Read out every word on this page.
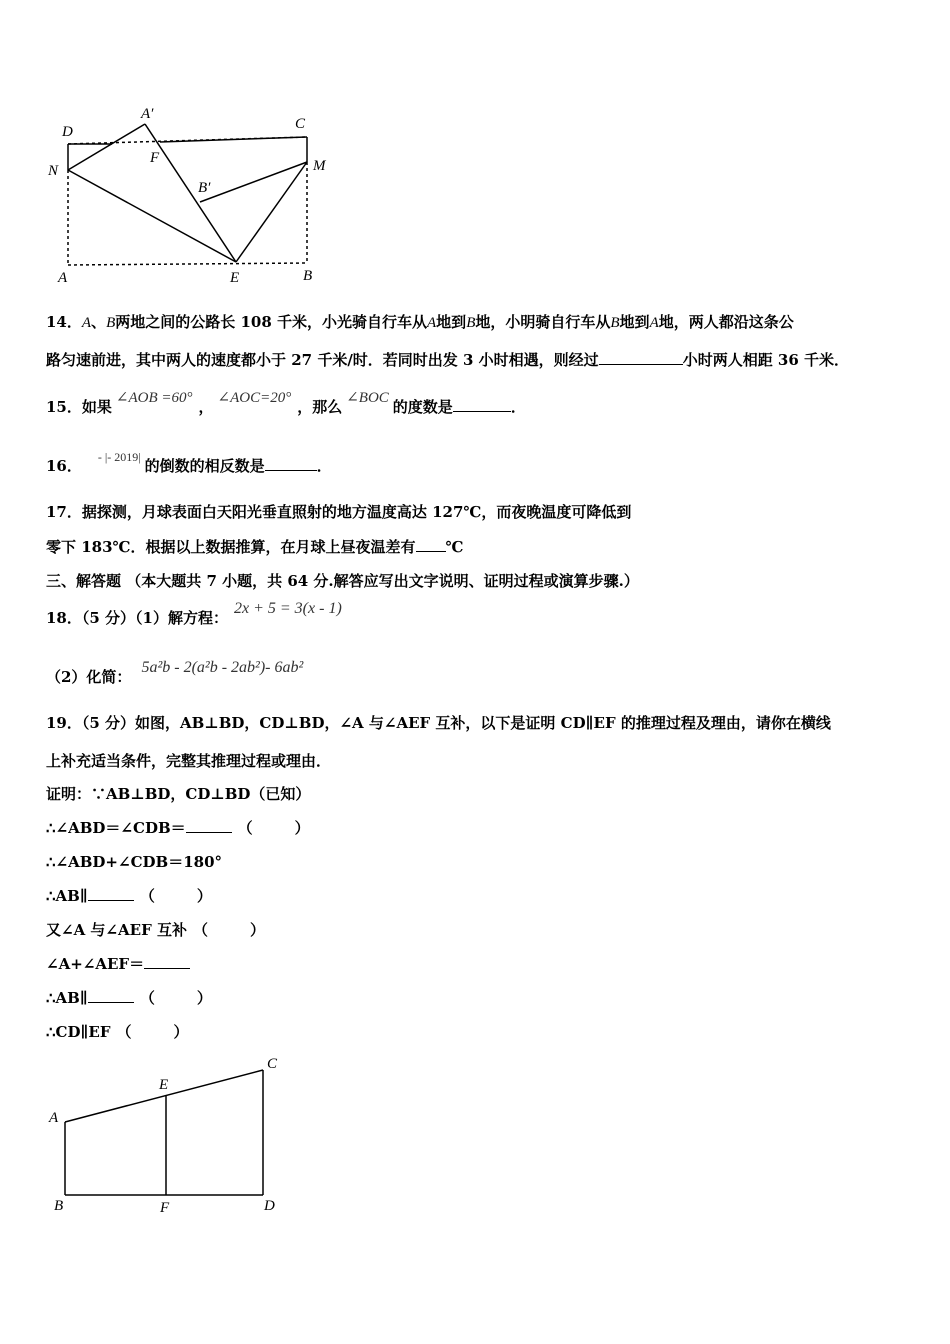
D
A′
C
F
N	M
B′
A	E	B
14．A、B两地之间的公路长 108 千米，小光骑自行车从A地到B地，小明骑自行车从B地到A地，两人都沿这条公
路匀速前进，其中两人的速度都小于 27 千米/时．若同时出发 3 小时相遇，则经过	小时两人相距 36 千米．
15．如果 ∠AOB =60° ， ∠AOC=20° ，那么 ∠BOC 的度数是	．
16． $^{- |- 2019|}$ 的倒数的相反数是	．
17．据探测，月球表面白天阳光垂直照射的地方温度高达 127℃，而夜晚温度可降低到
零下 183℃．根据以上数据推算，在月球上昼夜温差有 ℃
三、解答题 （本大题共 7 小题，共 64 分.解答应写出文字说明、证明过程或演算步骤.）
18．（5 分）（1）解方程：2x + 5 = 3(x - 1)
（2）化简：5a²b - 2(a²b - 2ab²)- 6ab²
19．（5 分）如图，AB⊥BD，CD⊥BD，∠A 与∠AEF 互补，以下是证明 CD∥EF 的推理过程及理由，请你在横线
上补充适当条件，完整其推理过程或理由．
证明：∵AB⊥BD，CD⊥BD（已知）
∴∠ABD＝∠CDB＝	（	）
∴∠ABD+∠CDB＝180°
∴AB∥	（	）
又∠A 与∠AEF 互补 （	）
∠A+∠AEF＝
∴AB∥	（	）
∴CD∥EF （	）
A
E
C
B	F	D
